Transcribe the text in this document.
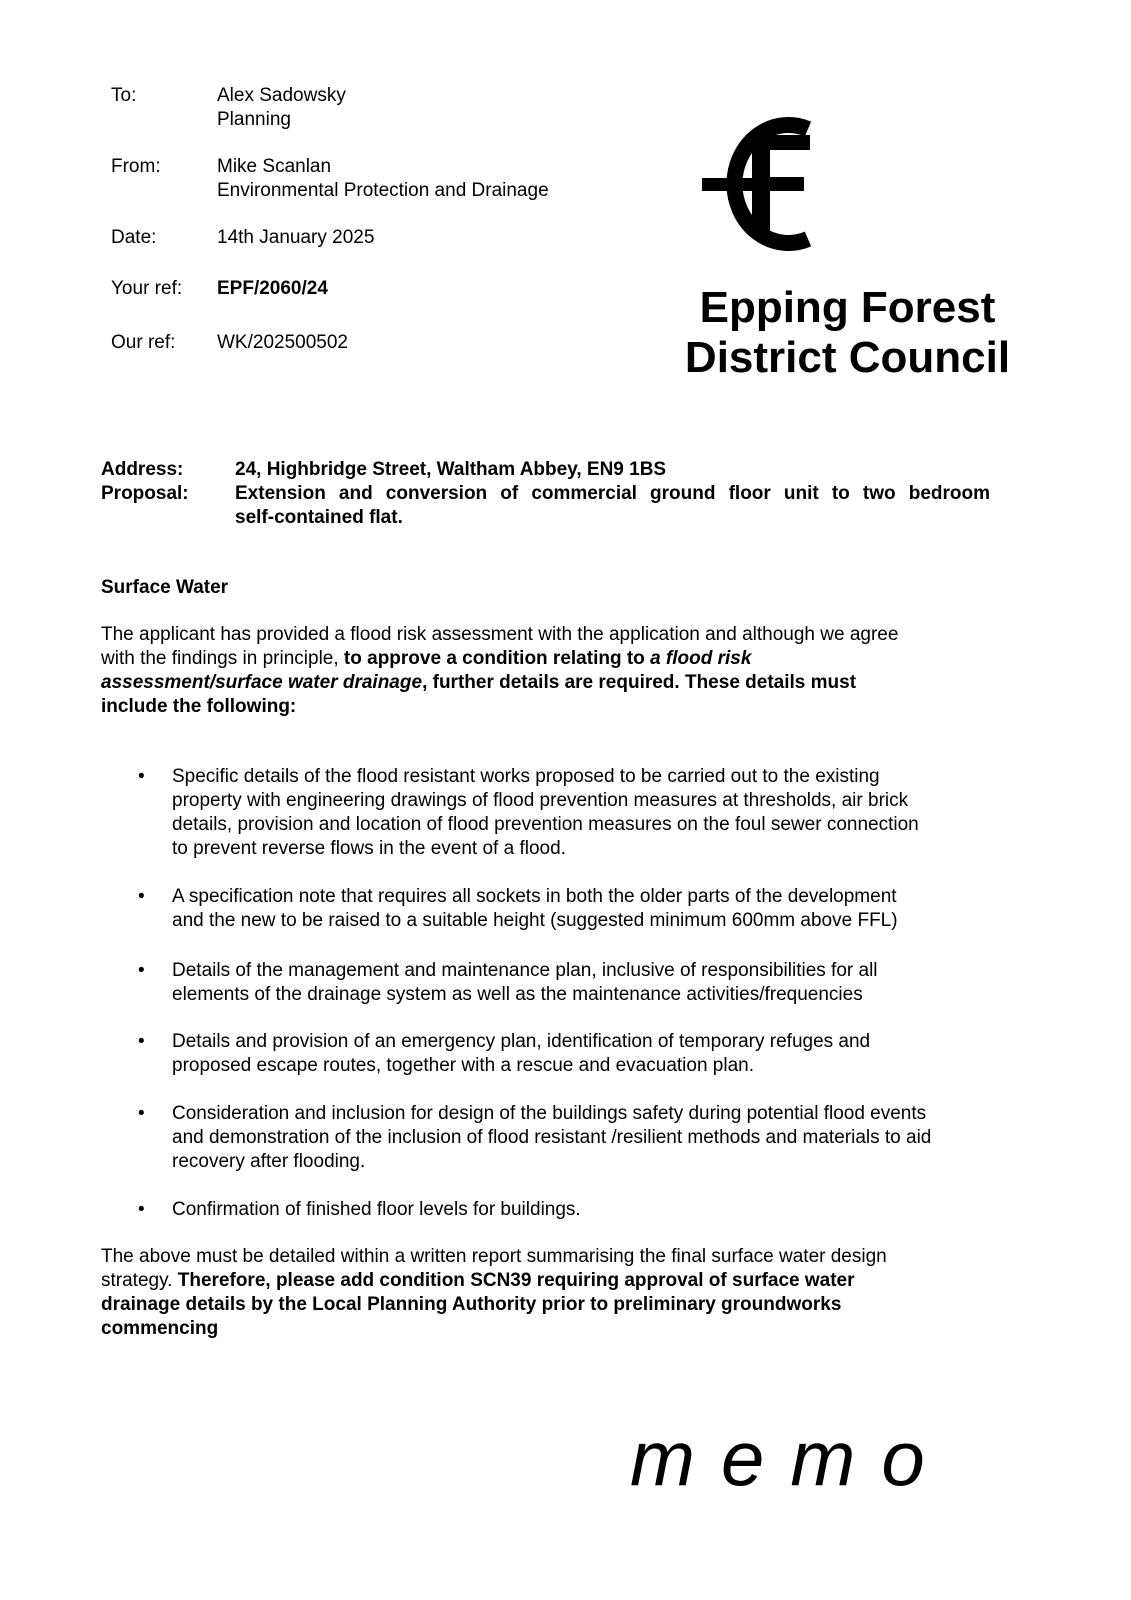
To:	Alex Sadowsky
Planning
From:	Mike Scanlan
Environmental Protection and Drainage
Date:	14th January 2025
Your ref: EPF/2060/24
Our ref: WK/202500502
Epping Forest
District Council
Address:	24, Highbridge Street, Waltham Abbey, EN9 1BS
Proposal: Extension and conversion of commercial ground floor unit to two bedroom
self-contained flat.
Surface Water
The applicant has provided a flood risk assessment with the application and although we agree
with the findings in principle, to approve a condition relating to a flood risk
assessment/surface water drainage, further details are required. These details must
include the following:
• Specific details of the flood resistant works proposed to be carried out to the existing
property with engineering drawings of flood prevention measures at thresholds, air brick
details, provision and location of flood prevention measures on the foul sewer connection
to prevent reverse flows in the event of a flood.
• A specification note that requires all sockets in both the older parts of the development
and the new to be raised to a suitable height (suggested minimum 600mm above FFL)
• Details of the management and maintenance plan, inclusive of responsibilities for all
elements of the drainage system as well as the maintenance activities/frequencies
• Details and provision of an emergency plan, identification of temporary refuges and
proposed escape routes, together with a rescue and evacuation plan.
• Consideration and inclusion for design of the buildings safety during potential flood events
and demonstration of the inclusion of flood resistant /resilient methods and materials to aid
recovery after flooding.
• Confirmation of finished floor levels for buildings.
The above must be detailed within a written report summarising the final surface water design
strategy. Therefore, please add condition SCN39 requiring approval of surface water
drainage details by the Local Planning Authority prior to preliminary groundworks
commencing
memo
